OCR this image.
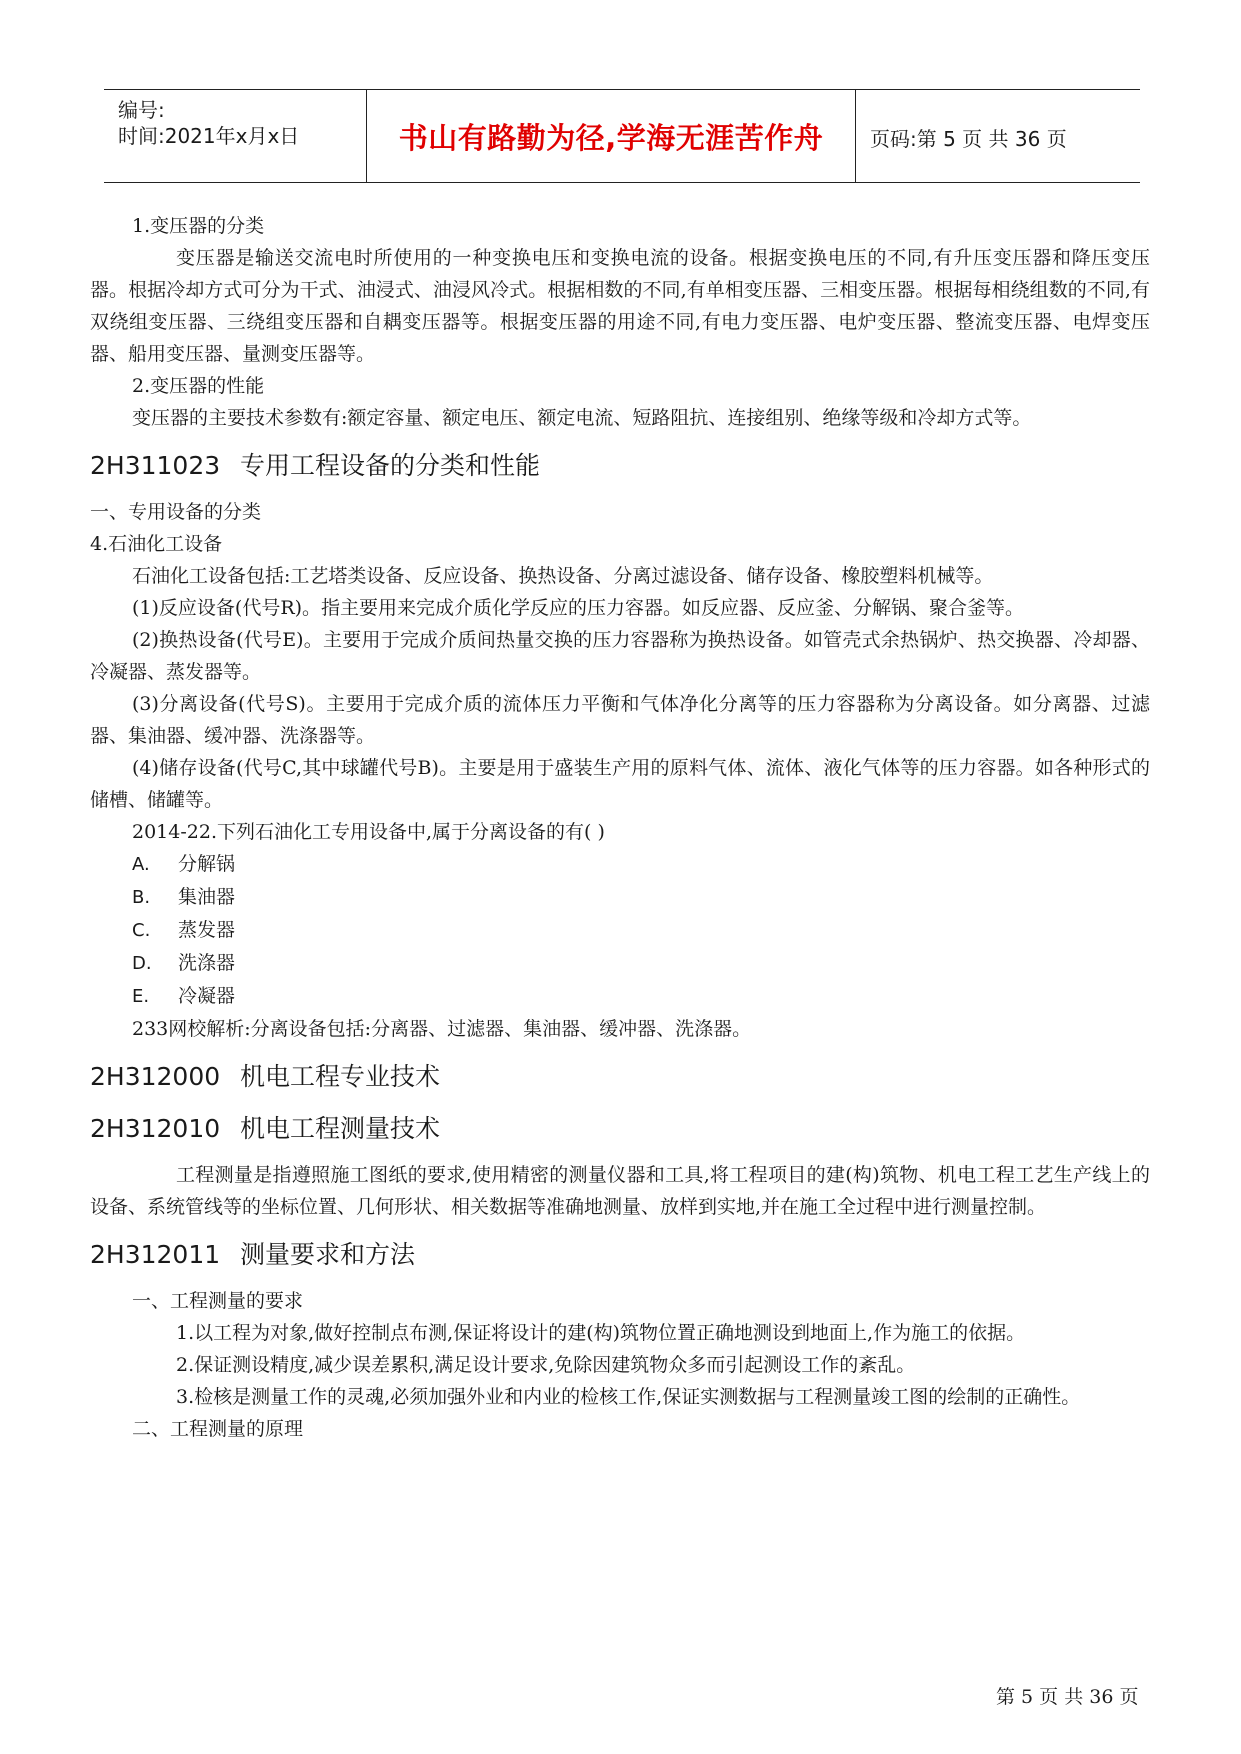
编号:
时间:2021年x月x日	书山有路勤为径,学海无涯苦作舟	页码:第 5 页 共 36 页

1.变压器的分类

变压器是输送交流电时所使用的一种变换电压和变换电流的设备。根据变换电压的不同,有升压变压器和降压变压器。根据冷却方式可分为干式、油浸式、油浸风冷式。根据相数的不同,有单相变压器、三相变压器。根据每相绕组数的不同,有双绕组变压器、三绕组变压器和自耦变压器等。根据变压器的用途不同,有电力变压器、电炉变压器、整流变压器、电焊变压器、船用变压器、量测变压器等。

2.变压器的性能

变压器的主要技术参数有:额定容量、额定电压、额定电流、短路阻抗、连接组别、绝缘等级和冷却方式等。

2H311023 专用工程设备的分类和性能

一、专用设备的分类

4.石油化工设备

石油化工设备包括:工艺塔类设备、反应设备、换热设备、分离过滤设备、储存设备、橡胶塑料机械等。

(1)反应设备(代号R)。指主要用来完成介质化学反应的压力容器。如反应器、反应釜、分解锅、聚合釜等。

(2)换热设备(代号E)。主要用于完成介质间热量交换的压力容器称为换热设备。如管壳式余热锅炉、热交换器、冷却器、冷凝器、蒸发器等。

(3)分离设备(代号S)。主要用于完成介质的流体压力平衡和气体净化分离等的压力容器称为分离设备。如分离器、过滤器、集油器、缓冲器、洗涤器等。

(4)储存设备(代号C,其中球罐代号B)。主要是用于盛装生产用的原料气体、流体、液化气体等的压力容器。如各种形式的储槽、储罐等。

2014-22.下列石油化工专用设备中,属于分离设备的有( )

A. 分解锅

B. 集油器

C. 蒸发器

D. 洗涤器

E. 冷凝器

233网校解析:分离设备包括:分离器、过滤器、集油器、缓冲器、洗涤器。

2H312000 机电工程专业技术
2H312010 机电工程测量技术

工程测量是指遵照施工图纸的要求,使用精密的测量仪器和工具,将工程项目的建(构)筑物、机电工程工艺生产线上的设备、系统管线等的坐标位置、几何形状、相关数据等准确地测量、放样到实地,并在施工全过程中进行测量控制。

2H312011 测量要求和方法

一、工程测量的要求

1.以工程为对象,做好控制点布测,保证将设计的建(构)筑物位置正确地测设到地面上,作为施工的依据。

2.保证测设精度,减少误差累积,满足设计要求,免除因建筑物众多而引起测设工作的紊乱。

3.检核是测量工作的灵魂,必须加强外业和内业的检核工作,保证实测数据与工程测量竣工图的绘制的正确性。

二、工程测量的原理

第 5 页 共 36 页
